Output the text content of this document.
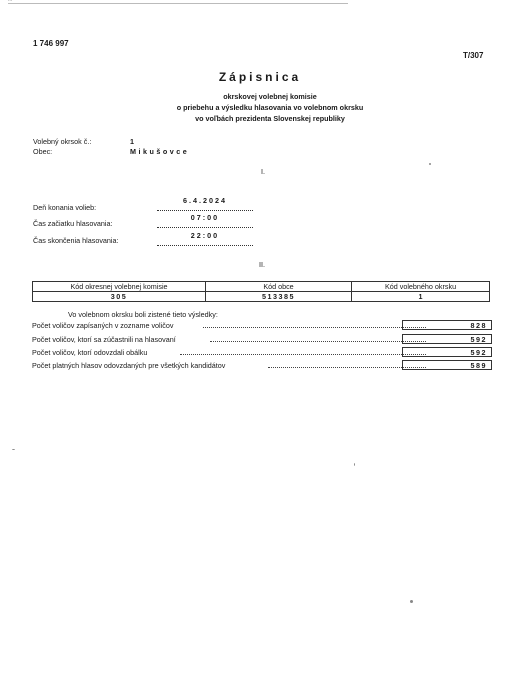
...
1 746 997
T/307
Zápisnica
okrskovej volebnej komisie
o priebehu a výsledku hlasovania vo volebnom okrsku
vo voľbách prezidenta Slovenskej republiky
Volebný okrsok č.:	1
Obec:	Mikušovce
I.
Deň konania volieb:
6.4.2024
Čas začiatku hlasovania:
07:00
Čas skončenia hlasovania:
22:00
II.
Kód okresnej volebnej komisie	Kód obce	Kód volebného okrsku
305	513385	1
Vo volebnom okrsku boli zistené tieto výsledky:
Počet voličov zapísaných v zozname voličov	828
Počet voličov, ktorí sa zúčastnili na hlasovaní	592
Počet voličov, ktorí odovzdali obálku	592
Počet platných hlasov odovzdaných pre všetkých kandidátov	589
